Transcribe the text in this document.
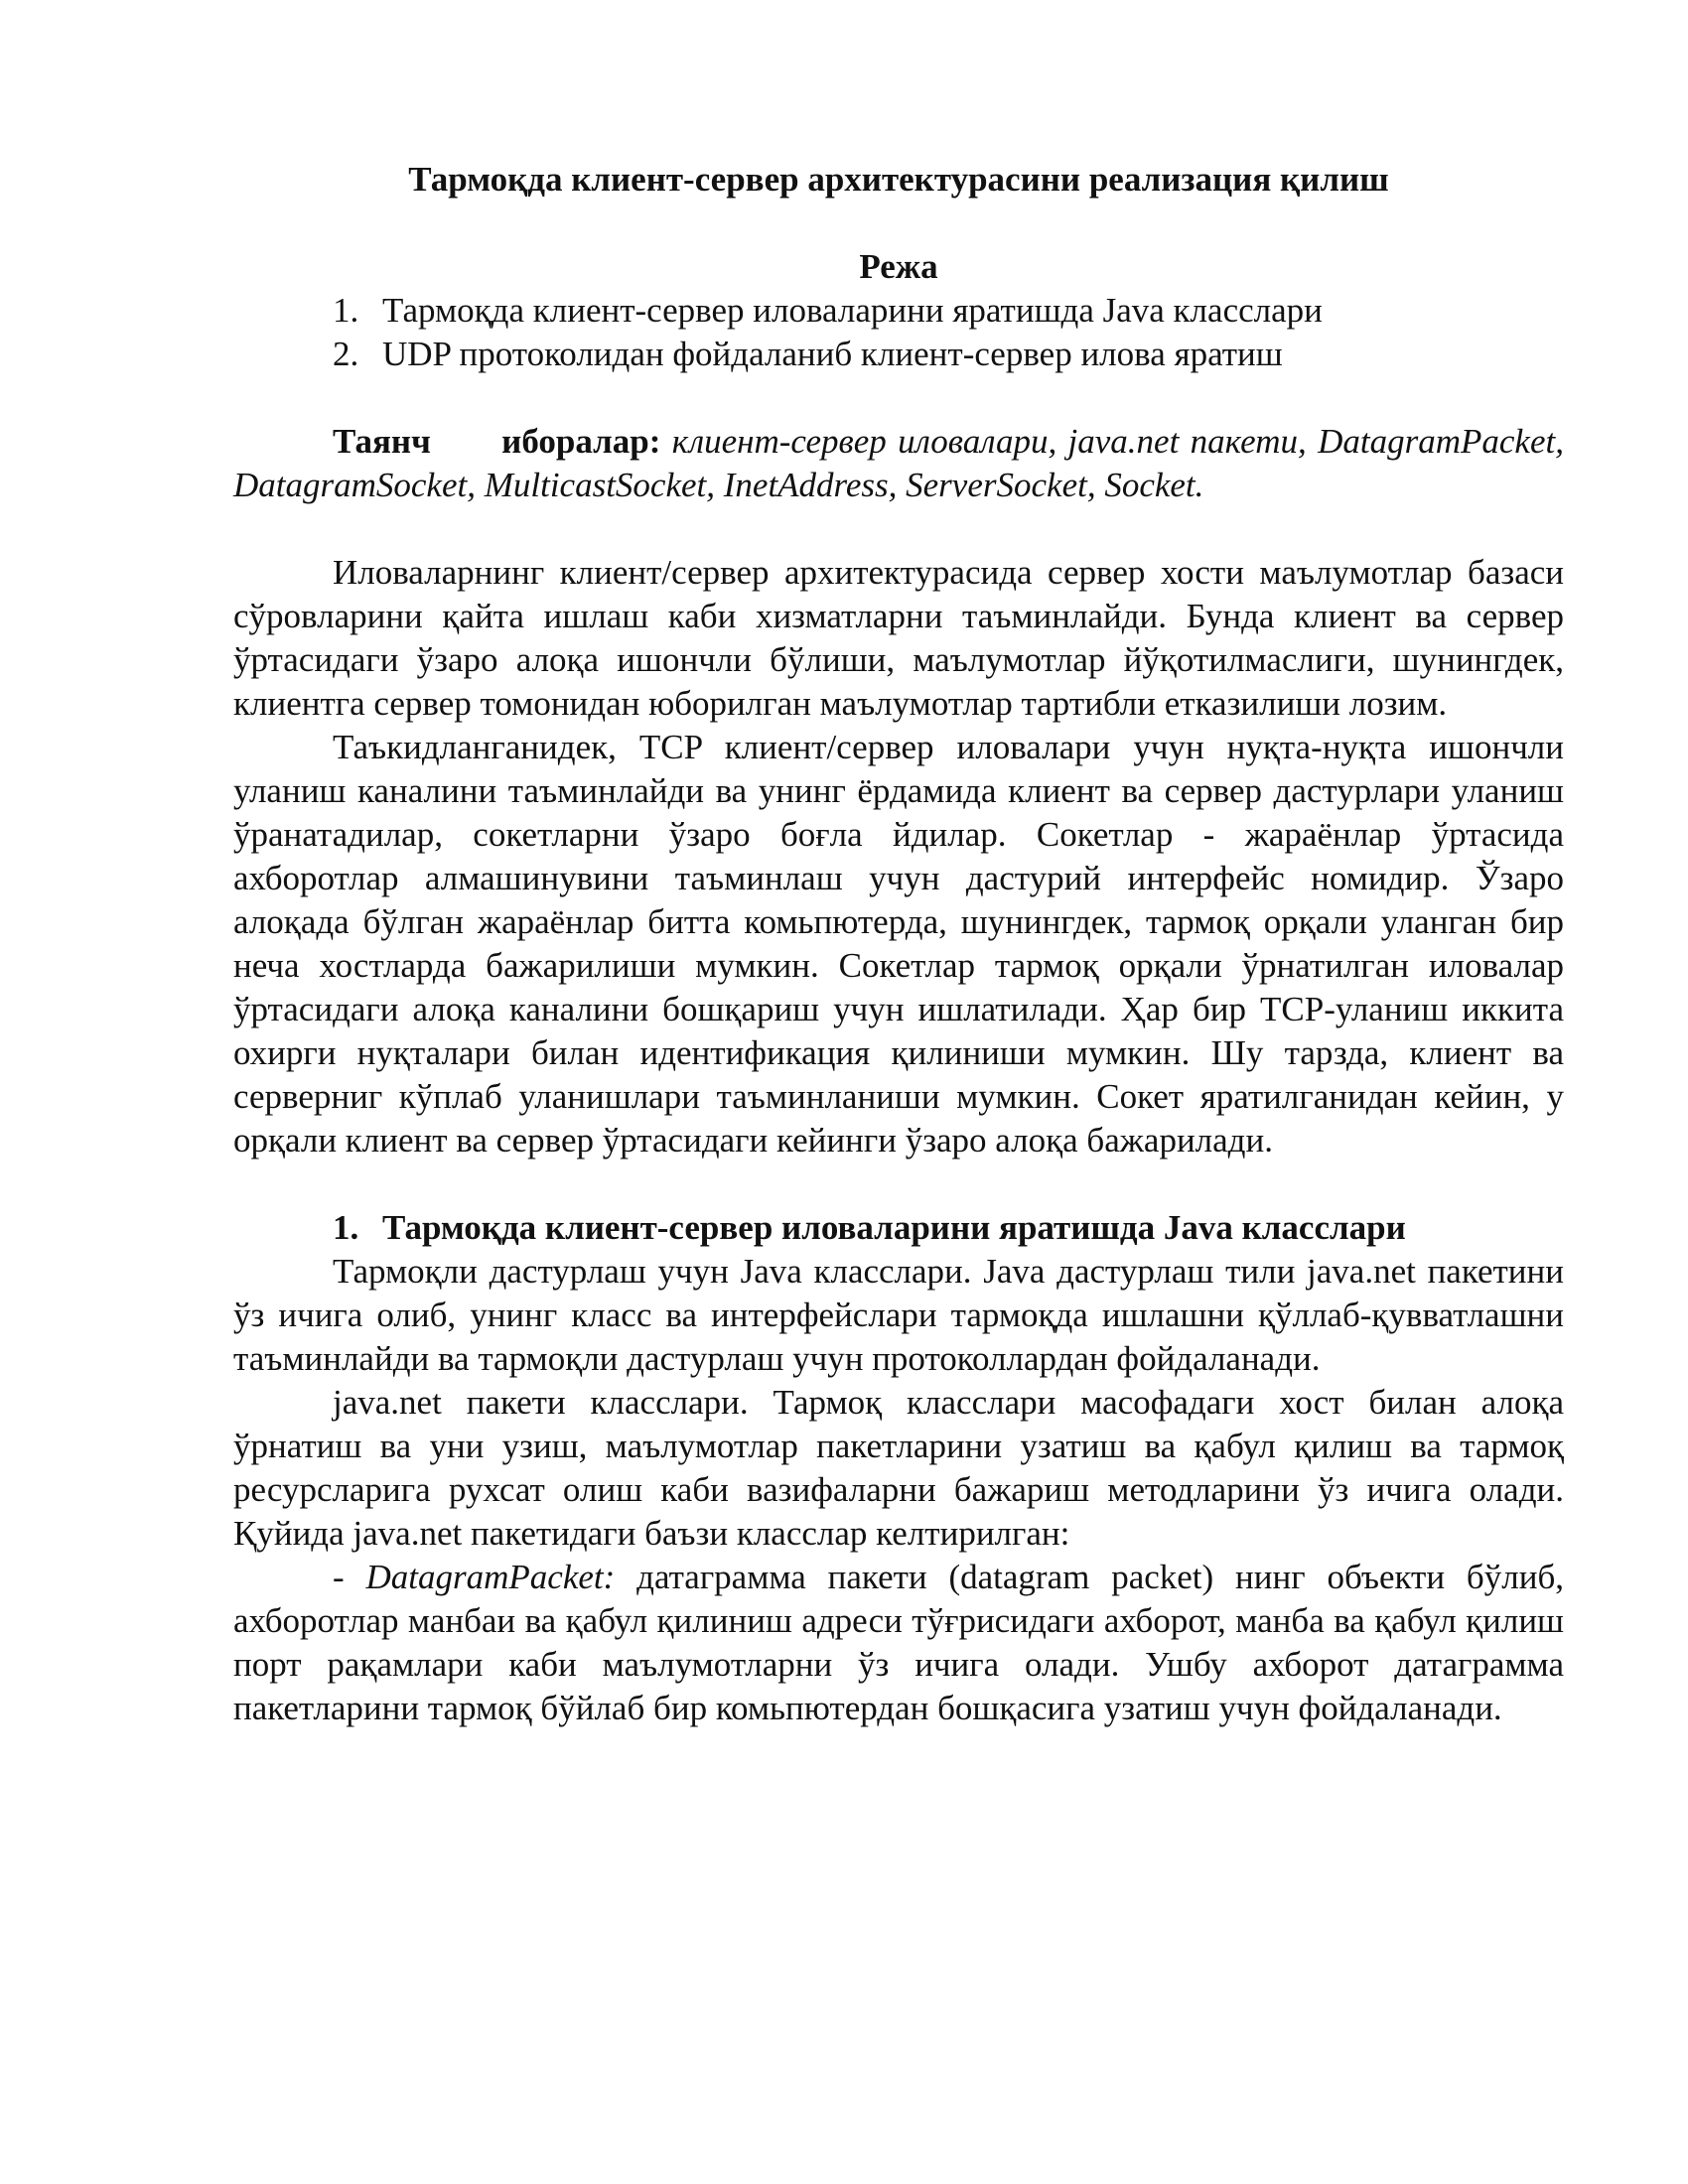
Тармоқда клиент-сервер архитектурасини реализация қилиш

Режа

1. Тармоқда клиент-сервер иловаларини яратишда Java класслари
2. UDP протоколидан фойдаланиб клиент-сервер илова яратиш

Таянч иборалар: клиент-сервер иловалари, java.net пакети, DatagramPacket, DatagramSocket, MulticastSocket, InetAddress, ServerSocket, Socket.

Иловаларнинг клиент/сервер архитектурасида сервер хости маълумотлар базаси сўровларини қайта ишлаш каби хизматларни таъминлайди. Бунда клиент ва сервер ўртасидаги ўзаро алоқа ишончли бўлиши, маълумотлар йўқотилмаслиги, шунингдек, клиентга сервер томонидан юборилган маълумотлар тартибли етказилиши лозим.

Таъкидланганидек, TCP клиент/сервер иловалари учун нуқта-нуқта ишончли уланиш каналини таъминлайди ва унинг ёрдамида клиент ва сервер дастурлари уланиш ўранатадилар, сокетларни ўзаро боғла йдилар. Сокетлар - жараёнлар ўртасида ахборотлар алмашинувини таъминлаш учун дастурий интерфейс номидир. Ўзаро алоқада бўлган жараёнлар битта комьпютерда, шунингдек, тармоқ орқали уланган бир неча хостларда бажарилиши мумкин. Сокетлар тармоқ орқали ўрнатилган иловалар ўртасидаги алоқа каналини бошқариш учун ишлатилади. Ҳар бир TCP-уланиш иккита охирги нуқталари билан идентификация қилиниши мумкин. Шу тарзда, клиент ва серверниг кўплаб уланишлари таъминланиши мумкин. Сокет яратилганидан кейин, у орқали клиент ва сервер ўртасидаги кейинги ўзаро алоқа бажарилади.

1. Тармоқда клиент-сервер иловаларини яратишда Java класслари

Тармоқли дастурлаш учун Java класслари. Java дастурлаш тили java.net пакетини ўз ичига олиб, унинг класс ва интерфейслари тармоқда ишлашни қўллаб-қувватлашни таъминлайди ва тармоқли дастурлаш учун протоколлардан фойдаланади.

java.net пакети класслари. Тармоқ класслари масофадаги хост билан алоқа ўрнатиш ва уни узиш, маълумотлар пакетларини узатиш ва қабул қилиш ва тармоқ ресурсларига рухсат олиш каби вазифаларни бажариш методларини ўз ичига олади. Қуйида java.net пакетидаги баъзи класслар келтирилган:

- DatagramPacket: датаграмма пакети (datagram packet) нинг объекти бўлиб, ахборотлар манбаи ва қабул қилиниш адреси тўғрисидаги ахборот, манба ва қабул қилиш порт рақамлари каби маълумотларни ўз ичига олади. Ушбу ахборот датаграмма пакетларини тармоқ бўйлаб бир комьпютердан бошқасига узатиш учун фойдаланади.
